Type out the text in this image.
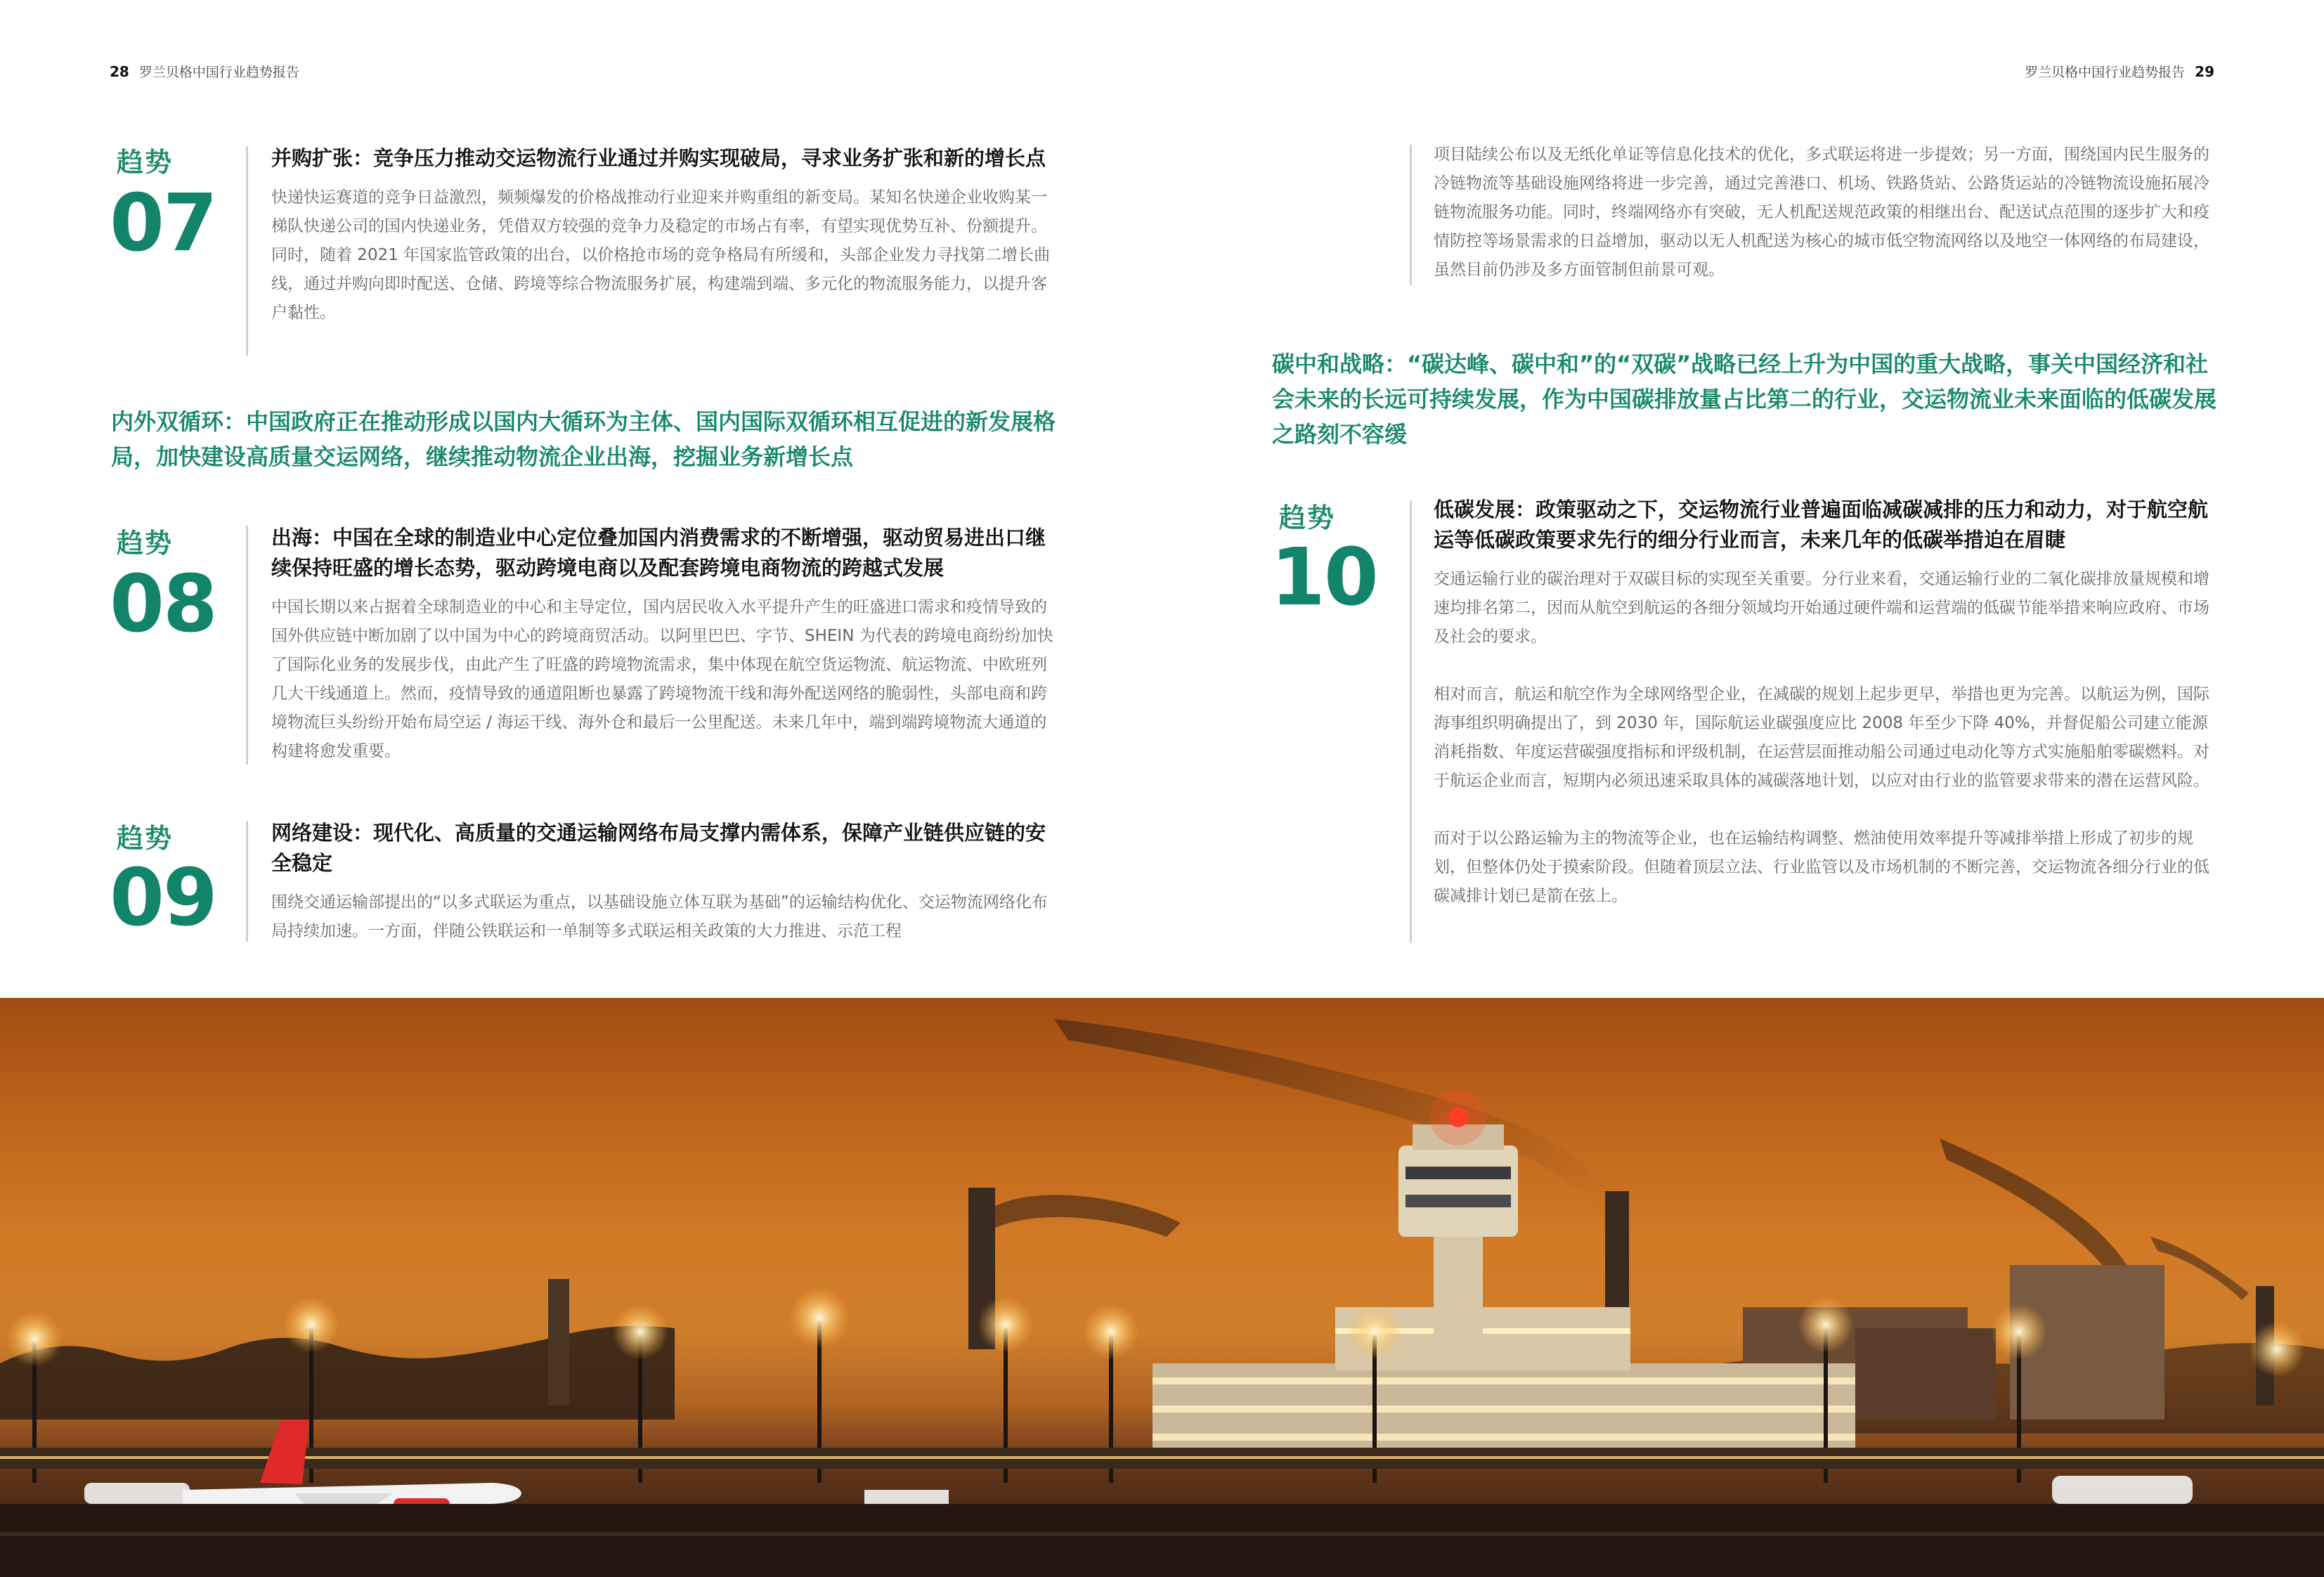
28 罗兰贝格中国行业趋势报告	罗兰贝格中国行业趋势报告 29
趋势
07
并购扩张：竞争压力推动交运物流行业通过并购实现破局，寻求业务扩张和新的增长点

快递快运赛道的竞争日益激烈，频频爆发的价格战推动行业迎来并购重组的新变局。某知名快递企业收购某一梯队快递公司的国内快递业务，凭借双方较强的竞争力及稳定的市场占有率，有望实现优势互补、份额提升。同时，随着 2021 年国家监管政策的出台，以价格抢市场的竞争格局有所缓和，头部企业发力寻找第二增长曲线，通过并购向即时配送、仓储、跨境等综合物流服务扩展，构建端到端、多元化的物流服务能力，以提升客户黏性。

内外双循环：中国政府正在推动形成以国内大循环为主体、国内国际双循环相互促进的新发展格局，加快建设高质量交运网络，继续推动物流企业出海，挖掘业务新增长点
趋势
08
出海：中国在全球的制造业中心定位叠加国内消费需求的不断增强，驱动贸易进出口继续保持旺盛的增长态势，驱动跨境电商以及配套跨境电商物流的跨越式发展

中国长期以来占据着全球制造业的中心和主导定位，国内居民收入水平提升产生的旺盛进口需求和疫情导致的国外供应链中断加剧了以中国为中心的跨境商贸活动。以阿里巴巴、字节、SHEIN 为代表的跨境电商纷纷加快了国际化业务的发展步伐，由此产生了旺盛的跨境物流需求，集中体现在航空货运物流、航运物流、中欧班列几大干线通道上。然而，疫情导致的通道阻断也暴露了跨境物流干线和海外配送网络的脆弱性，头部电商和跨境物流巨头纷纷开始布局空运 / 海运干线、海外仓和最后一公里配送。未来几年中，端到端跨境物流大通道的构建将愈发重要。

趋势
09
网络建设：现代化、高质量的交通运输网络布局支撑内需体系，保障产业链供应链的安全稳定

围绕交通运输部提出的“以多式联运为重点，以基础设施立体互联为基础”的运输结构优化、交运物流网络化布局持续加速。一方面，伴随公铁联运和一单制等多式联运相关政策的大力推进、示范工程

项目陆续公布以及无纸化单证等信息化技术的优化，多式联运将进一步提效；另一方面，围绕国内民生服务的冷链物流等基础设施网络将进一步完善，通过完善港口、机场、铁路货站、公路货运站的冷链物流设施拓展冷链物流服务功能。同时，终端网络亦有突破，无人机配送规范政策的相继出台、配送试点范围的逐步扩大和疫情防控等场景需求的日益增加，驱动以无人机配送为核心的城市低空物流网络以及地空一体网络的布局建设，虽然目前仍涉及多方面管制但前景可观。

碳中和战略：“碳达峰、碳中和”的“双碳”战略已经上升为中国的重大战略，事关中国经济和社会未来的长远可持续发展，作为中国碳排放量占比第二的行业，交运物流业未来面临的低碳发展之路刻不容缓
趋势
10
低碳发展：政策驱动之下，交运物流行业普遍面临减碳减排的压力和动力，对于航空航运等低碳政策要求先行的细分行业而言，未来几年的低碳举措迫在眉睫

交通运输行业的碳治理对于双碳目标的实现至关重要。分行业来看，交通运输行业的二氧化碳排放量规模和增速均排名第二，因而从航空到航运的各细分领域均开始通过硬件端和运营端的低碳节能举措来响应政府、市场及社会的要求。

相对而言，航运和航空作为全球网络型企业，在减碳的规划上起步更早，举措也更为完善。以航运为例，国际海事组织明确提出了，到 2030 年，国际航运业碳强度应比 2008 年至少下降 40%，并督促船公司建立能源消耗指数、年度运营碳强度指标和评级机制，在运营层面推动船公司通过电动化等方式实施船舶零碳燃料。对于航运企业而言，短期内必须迅速采取具体的减碳落地计划，以应对由行业的监管要求带来的潜在运营风险。

而对于以公路运输为主的物流等企业，也在运输结构调整、燃油使用效率提升等减排举措上形成了初步的规划，但整体仍处于摸索阶段。但随着顶层立法、行业监管以及市场机制的不断完善，交运物流各细分行业的低碳减排计划已是箭在弦上。
